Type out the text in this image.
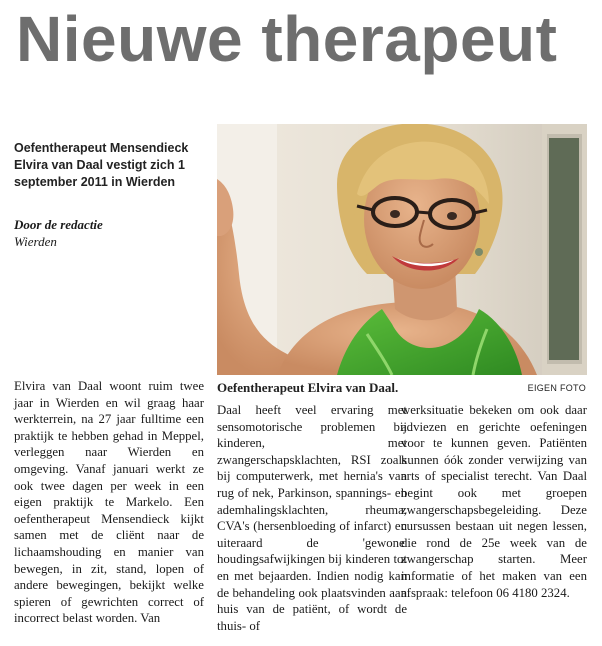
Nieuwe therapeut
Oefentherapeut Mensendieck Elvira van Daal vestigt zich 1 september 2011 in Wierden
Door de redactie
Wierden
Oefentherapeut Elvira van Daal.	EIGEN FOTO
Elvira van Daal woont ruim twee jaar in Wierden en wil graag haar werkterrein, na 27 jaar fulltime een praktijk te hebben gehad in Meppel, verleggen naar Wierden en omgeving. Vanaf januari werkt ze ook twee dagen per week in een eigen praktijk te Markelo. Een oefentherapeut Mensendieck kijkt samen met de cliënt naar de lichaamshouding en manier van bewegen, in zit, stand, lopen of andere bewegingen, bekijkt welke spieren of gewrichten correct of incorrect belast worden. Van
Daal heeft veel ervaring met sensomotorische problemen bij kinderen, met zwangerschapsklachten, RSI zoals bij computerwerk, met hernia's van rug of nek, Parkinson, spannings- en ademhalingsklachten, rheuma, CVA's (hersenbloeding of infarct) en uiteraard de 'gewone' houdingsafwijkingen bij kinderen tot en met bejaarden. Indien nodig kan de behandeling ook plaatsvinden aan huis van de patiënt, of wordt de thuis- of
werksituatie bekeken om ook daar adviezen en gerichte oefeningen voor te kunnen geven. Patiënten kunnen óók zonder verwijzing van arts of specialist terecht. Van Daal begint ook met groepen zwangerschapsbegeleiding. Deze cursussen bestaan uit negen lessen, die rond de 25e week van de zwangerschap starten. Meer informatie of het maken van een afspraak: telefoon 06 4180 2324.
